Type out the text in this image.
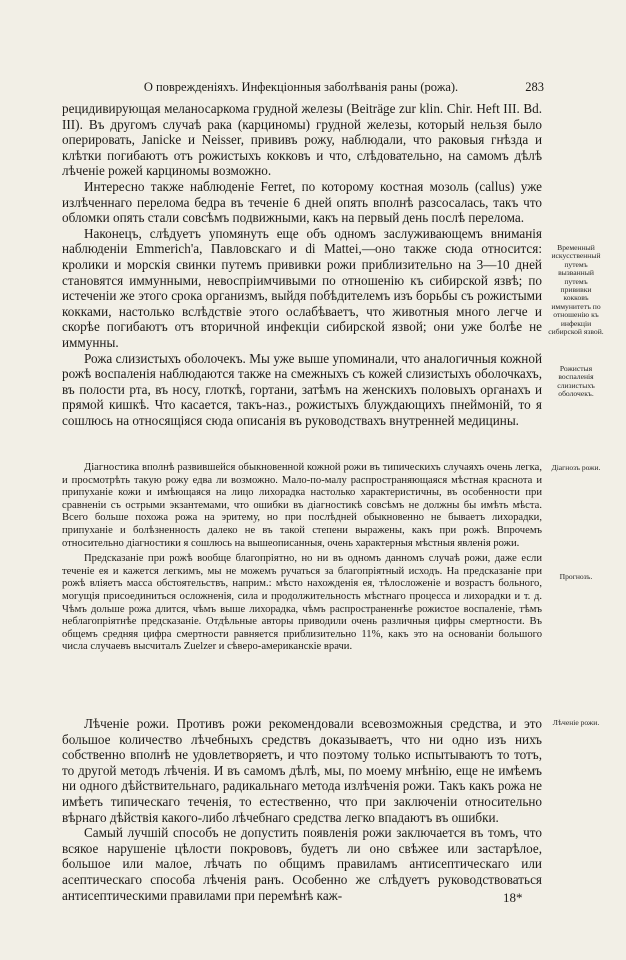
О поврежденіяхъ. Инфекціонныя заболѣванія раны (рожа).	283

рецидивирующая меланосаркома грудной железы (Beiträge zur klin. Chir. Heft III. Bd. III). Въ другомъ случаѣ рака (карциномы) грудной железы, который нельзя было оперировать, Janicke и Neisser, прививъ рожу, наблюдали, что раковыя гнѣзда и клѣтки погибаютъ отъ рожистыхъ кокковъ и что, слѣдовательно, на самомъ дѣлѣ лѣченіе рожей карциномы возможно.

Интересно также наблюденіе Ferret, по которому костная мозоль (callus) уже излѣченнаго перелома бедра въ теченіе 6 дней опять вполнѣ разсосалась, такъ что обломки опять стали совсѣмъ подвижными, какъ на первый день послѣ перелома.

Наконецъ, слѣдуетъ упомянуть еще объ одномъ заслуживающемъ вниманія наблюденіи Emmerich'а, Павловскаго и di Mattei,—оно также сюда относится: кролики и морскія свинки путемъ прививки рожи приблизительно на 3—10 дней становятся иммунными, невоспріимчивыми по отношенію къ сибирской язвѣ; по истеченіи же этого срока организмъ, выйдя побѣдителемъ изъ борьбы съ рожистыми кокками, настолько вслѣдствіе этого ослабѣваетъ, что животныя много легче и скорѣе погибаютъ отъ вторичной инфекціи сибирской язвой; они уже болѣе не иммунны.

Рожа слизистыхъ оболочекъ. Мы уже выше упоминали, что аналогичныя кожной рожѣ воспаленія наблюдаются также на смежныхъ съ кожей слизистыхъ оболочкахъ, въ полости рта, въ носу, глоткѣ, гортани, затѣмъ на женскихъ половыхъ органахъ и прямой кишкѣ. Что касается, такъ-наз., рожистыхъ блуждающихъ пнеймоній, то я сошлюсь на относящіяся сюда описанія въ руководствахъ внутренней медицины.

Діагностика вполнѣ развившейся обыкновенной кожной рожи въ типическихъ случаяхъ очень легка, и просмотрѣть такую рожу едва ли возможно. Мало-по-малу распространяющаяся мѣстная краснота и припуханіе кожи и имѣющаяся на лицо лихорадка настолько характеристичны, въ особенности при сравненіи съ острыми экзантемами, что ошибки въ діагностикѣ совсѣмъ не должны бы имѣть мѣста. Всего больше похожа рожа на эритему, но при послѣдней обыкновенно не бываетъ лихорадки, припуханіе и болѣзненность далеко не въ такой степени выражены, какъ при рожѣ. Впрочемъ относительно діагностики я сошлюсь на вышеописанныя, очень характерныя мѣстныя явленія рожи.

Предсказаніе при рожѣ вообще благопріятно, но ни въ одномъ данномъ случаѣ рожи, даже если теченіе ея и кажется легкимъ, мы не можемъ ручаться за благопріятный исходъ. На предсказаніе при рожѣ вліяетъ масса обстоятельствъ, наприм.: мѣсто нахожденія ея, тѣлосложеніе и возрастъ больного, могущія присоединиться осложненія, сила и продолжительность мѣстнаго процесса и лихорадки и т. д. Чѣмъ дольше рожа длится, чѣмъ выше лихорадка, чѣмъ распространеннѣе рожистое воспаленіе, тѣмъ неблагопріятнѣе предсказаніе. Отдѣльные авторы приводили очень различныя цифры смертности. Въ общемъ средняя цифра смертности равняется приблизительно 11%, какъ это на основаніи большого числа случаевъ высчиталъ Zuelzer и сѣверо-американскіе врачи.

Лѣченіе рожи. Противъ рожи рекомендовали всевозможныя средства, и это большое количество лѣчебныхъ средствъ доказываетъ, что ни одно изъ нихъ собственно вполнѣ не удовлетворяетъ, и что поэтому только испытываютъ то тотъ, то другой методъ лѣченія. И въ самомъ дѣлѣ, мы, по моему мнѣнію, еще не имѣемъ ни одного дѣйствительнаго, радикальнаго метода излѣченія рожи. Такъ какъ рожа не имѣетъ типическаго теченія, то естественно, что при заключеніи относительно вѣрнаго дѣйствія какого-либо лѣчебнаго средства легко впадаютъ въ ошибки.

Самый лучшій способъ не допустить появленія рожи заключается въ томъ, что всякое нарушеніе цѣлости покрововъ, будетъ ли оно свѣжее или застарѣлое, большое или малое, лѣчать по общимъ правиламъ антисептическаго или асептическаго способа лѣченія ранъ. Особенно же слѣдуетъ руководствоваться антисептическими правилами при перемѣнѣ каж-

Временный искусственный путемъ вызванный путемъ прививки кокковъ иммунитетъ по отношенію къ инфекціи сибирской язвой.
Рожистыя воспаленія слизистыхъ оболочекъ.
Діагнозъ рожи.
Прогнозъ.
Лѣченіе рожи.
18*
